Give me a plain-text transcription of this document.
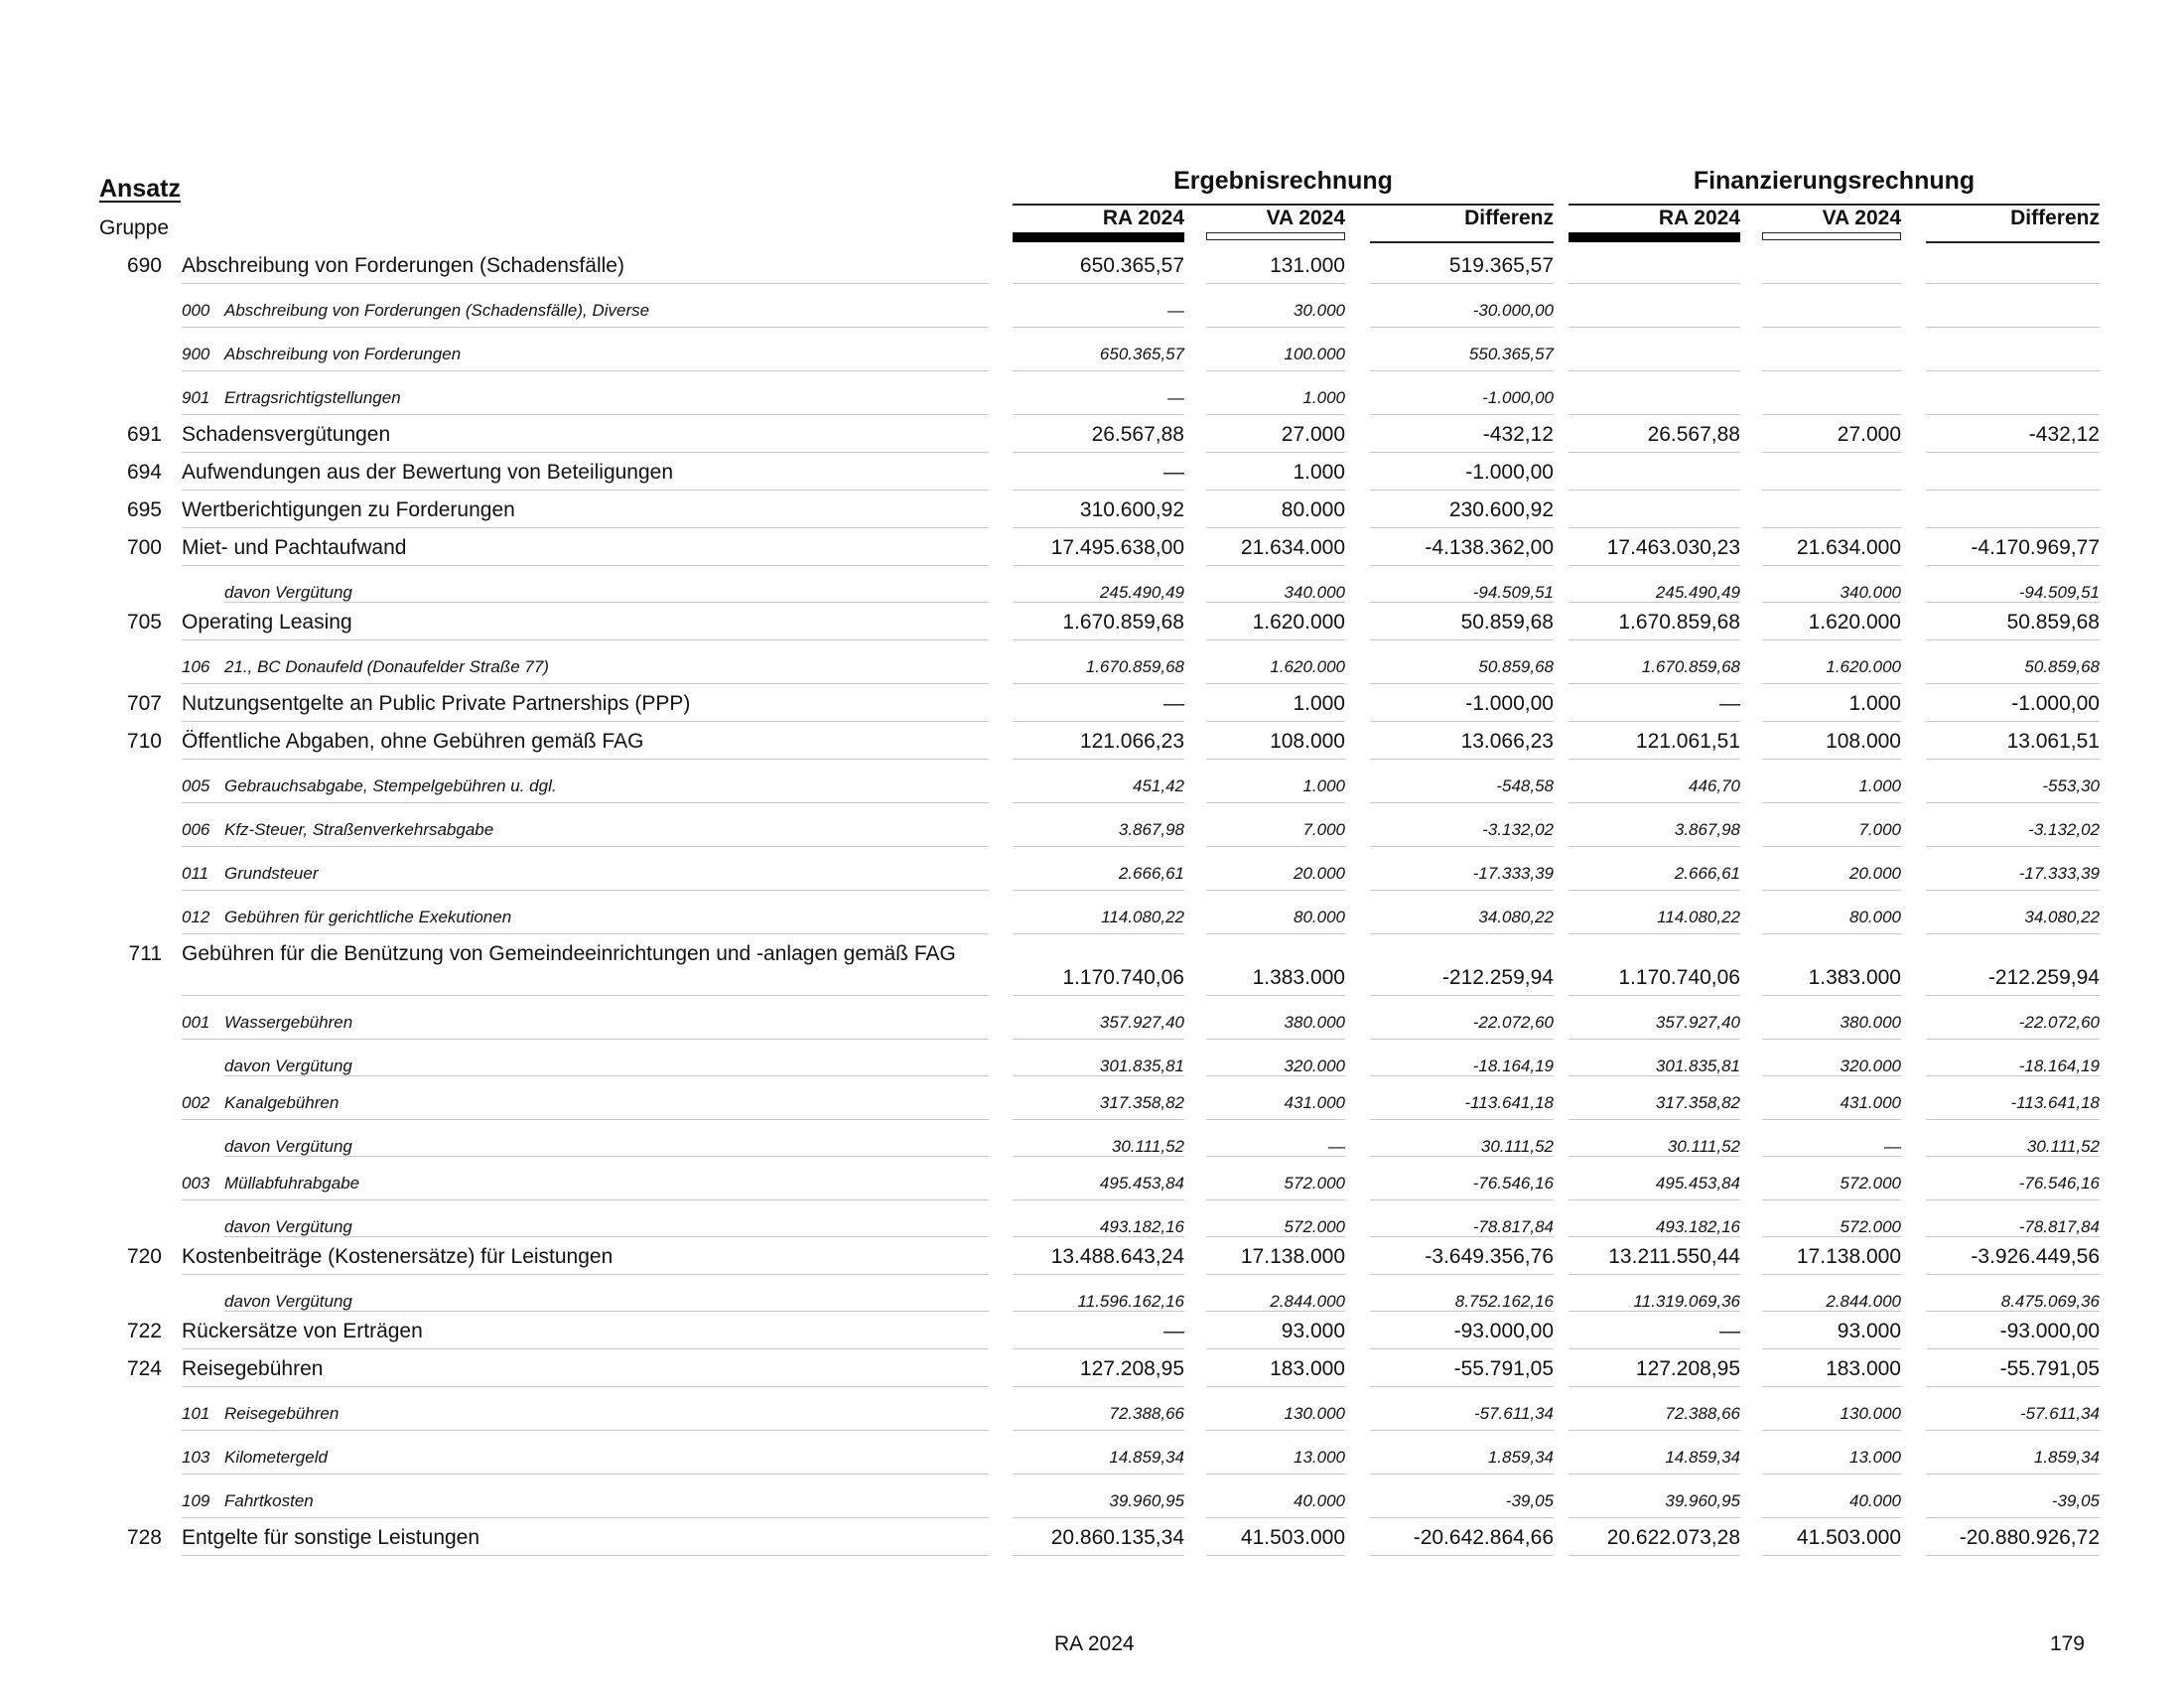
Ansatz
Gruppe
Ergebnisrechnung	Finanzierungsrechnung
RA 2024	VA 2024	Differenz	RA 2024	VA 2024	Differenz
690 Abschreibung von Forderungen (Schadensfälle)	650.365,57	131.000	519.365,57
000 Abschreibung von Forderungen (Schadensfälle), Diverse	—	30.000	-30.000,00
900 Abschreibung von Forderungen	650.365,57	100.000	550.365,57
901 Ertragsrichtigstellungen	—	1.000	-1.000,00
691 Schadensvergütungen	26.567,88	27.000	-432,12	26.567,88	27.000	-432,12
694 Aufwendungen aus der Bewertung von Beteiligungen	—	1.000	-1.000,00
695 Wertberichtigungen zu Forderungen	310.600,92	80.000	230.600,92
700 Miet- und Pachtaufwand	17.495.638,00	21.634.000	-4.138.362,00	17.463.030,23	21.634.000	-4.170.969,77
davon Vergütung	245.490,49	340.000	-94.509,51	245.490,49	340.000	-94.509,51
705 Operating Leasing	1.670.859,68	1.620.000	50.859,68	1.670.859,68	1.620.000	50.859,68
106 21., BC Donaufeld (Donaufelder Straße 77)	1.670.859,68	1.620.000	50.859,68	1.670.859,68	1.620.000	50.859,68
707 Nutzungsentgelte an Public Private Partnerships (PPP)	—	1.000	-1.000,00	—	1.000	-1.000,00
710 Öffentliche Abgaben, ohne Gebühren gemäß FAG	121.066,23	108.000	13.066,23	121.061,51	108.000	13.061,51
005 Gebrauchsabgabe, Stempelgebühren u. dgl.	451,42	1.000	-548,58	446,70	1.000	-553,30
006 Kfz-Steuer, Straßenverkehrsabgabe	3.867,98	7.000	-3.132,02	3.867,98	7.000	-3.132,02
011 Grundsteuer	2.666,61	20.000	-17.333,39	2.666,61	20.000	-17.333,39
012 Gebühren für gerichtliche Exekutionen	114.080,22	80.000	34.080,22	114.080,22	80.000	34.080,22
711 Gebühren für die Benützung von Gemeindeeinrichtungen und -anlagen gemäß FAG
1.170.740,06	1.383.000	-212.259,94	1.170.740,06	1.383.000	-212.259,94
001 Wassergebühren	357.927,40	380.000	-22.072,60	357.927,40	380.000	-22.072,60
davon Vergütung	301.835,81	320.000	-18.164,19	301.835,81	320.000	-18.164,19
002 Kanalgebühren	317.358,82	431.000	-113.641,18	317.358,82	431.000	-113.641,18
davon Vergütung	30.111,52	—	30.111,52	30.111,52	—	30.111,52
003 Müllabfuhrabgabe	495.453,84	572.000	-76.546,16	495.453,84	572.000	-76.546,16
davon Vergütung	493.182,16	572.000	-78.817,84	493.182,16	572.000	-78.817,84
720 Kostenbeiträge (Kostenersätze) für Leistungen	13.488.643,24	17.138.000	-3.649.356,76	13.211.550,44	17.138.000	-3.926.449,56
davon Vergütung	11.596.162,16	2.844.000	8.752.162,16	11.319.069,36	2.844.000	8.475.069,36
722 Rückersätze von Erträgen	—	93.000	-93.000,00	—	93.000	-93.000,00
724 Reisegebühren	127.208,95	183.000	-55.791,05	127.208,95	183.000	-55.791,05
101 Reisegebühren	72.388,66	130.000	-57.611,34	72.388,66	130.000	-57.611,34
103 Kilometergeld	14.859,34	13.000	1.859,34	14.859,34	13.000	1.859,34
109 Fahrtkosten	39.960,95	40.000	-39,05	39.960,95	40.000	-39,05
728 Entgelte für sonstige Leistungen	20.860.135,34	41.503.000	-20.642.864,66	20.622.073,28	41.503.000	-20.880.926,72
RA 2024	179
